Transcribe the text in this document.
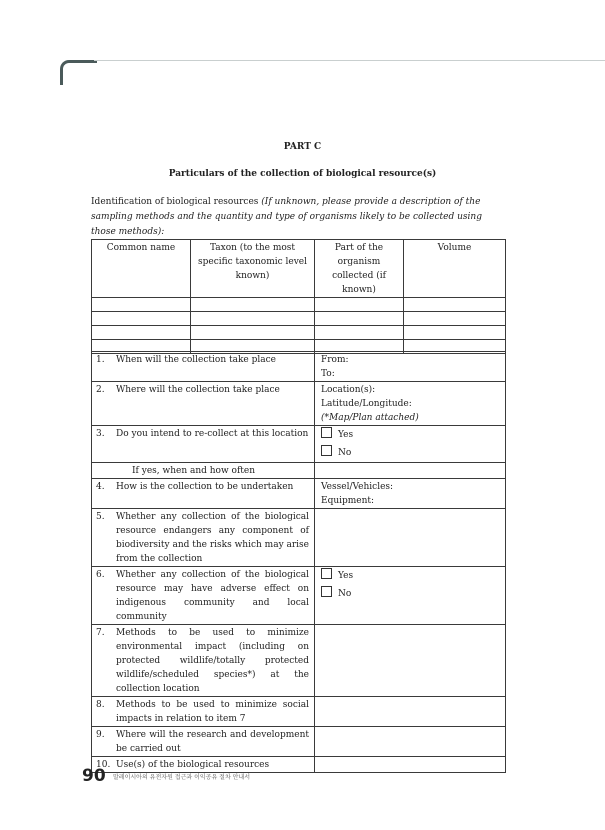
PART C
Particulars of the collection of biological resource(s)
Identification of biological resources (If unknown, please provide a description of the sampling methods and the quantity and type of organisms likely to be collected using those methods):
Common name	Taxon (to the most specific taxonomic level known)	Part of the organism collected (if known)	Volume

1. When will the collection take place	From:
To:

2. Where will the collection take place	Location(s):
Latitude/Longitude:
(*Map/Plan attached)

3. Do you intend to re-collect at this location	Yes
No

If yes, when and how often	
4. How is the collection to be undertaken	Vessel/Vehicles:
Equipment:

5. Whether any collection of the biological resource endangers any component of biodiversity and the risks which may arise from the collection	
6. Whether any collection of the biological resource may have adverse effect on indigenous community and local community	Yes
No

7. Methods to be used to minimize environmental impact (including on protected wildlife/totally protected wildlife/scheduled species*) at the collection location	
8. Methods to be used to minimize social impacts in relation to item 7	
9. Where will the research and development be carried out	
10. Use(s) of the biological resources	
90 말레이시아의 유전자원 접근과 이익공유 절차 안내서
